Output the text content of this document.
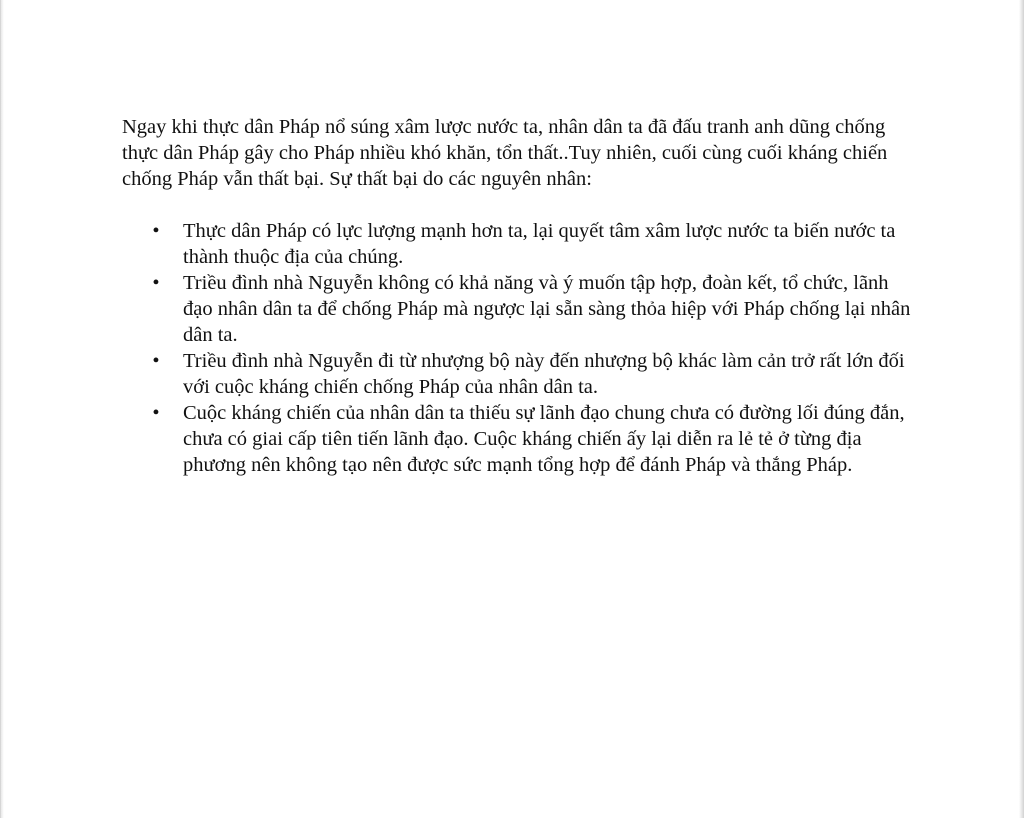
Ngay khi thực dân Pháp nổ súng xâm lược nước ta, nhân dân ta đã đấu tranh anh dũng chống thực dân Pháp gây cho Pháp nhiều khó khăn, tổn thất..Tuy nhiên, cuối cùng cuối kháng chiến chống Pháp vẫn thất bại. Sự thất bại do các nguyên nhân:

• Thực dân Pháp có lực lượng mạnh hơn ta, lại quyết tâm xâm lược nước ta biến nước ta thành thuộc địa của chúng.
• Triều đình nhà Nguyễn không có khả năng và ý muốn tập hợp, đoàn kết, tổ chức, lãnh đạo nhân dân ta để chống Pháp mà ngược lại sẵn sàng thỏa hiệp với Pháp chống lại nhân dân ta.
• Triều đình nhà Nguyễn đi từ nhượng bộ này đến nhượng bộ khác làm cản trở rất lớn đối với cuộc kháng chiến chống Pháp của nhân dân ta.
• Cuộc kháng chiến của nhân dân ta thiếu sự lãnh đạo chung chưa có đường lối đúng đắn, chưa có giai cấp tiên tiến lãnh đạo. Cuộc kháng chiến ấy lại diễn ra lẻ tẻ ở từng địa phương nên không tạo nên được sức mạnh tổng hợp để đánh Pháp và thắng Pháp.
